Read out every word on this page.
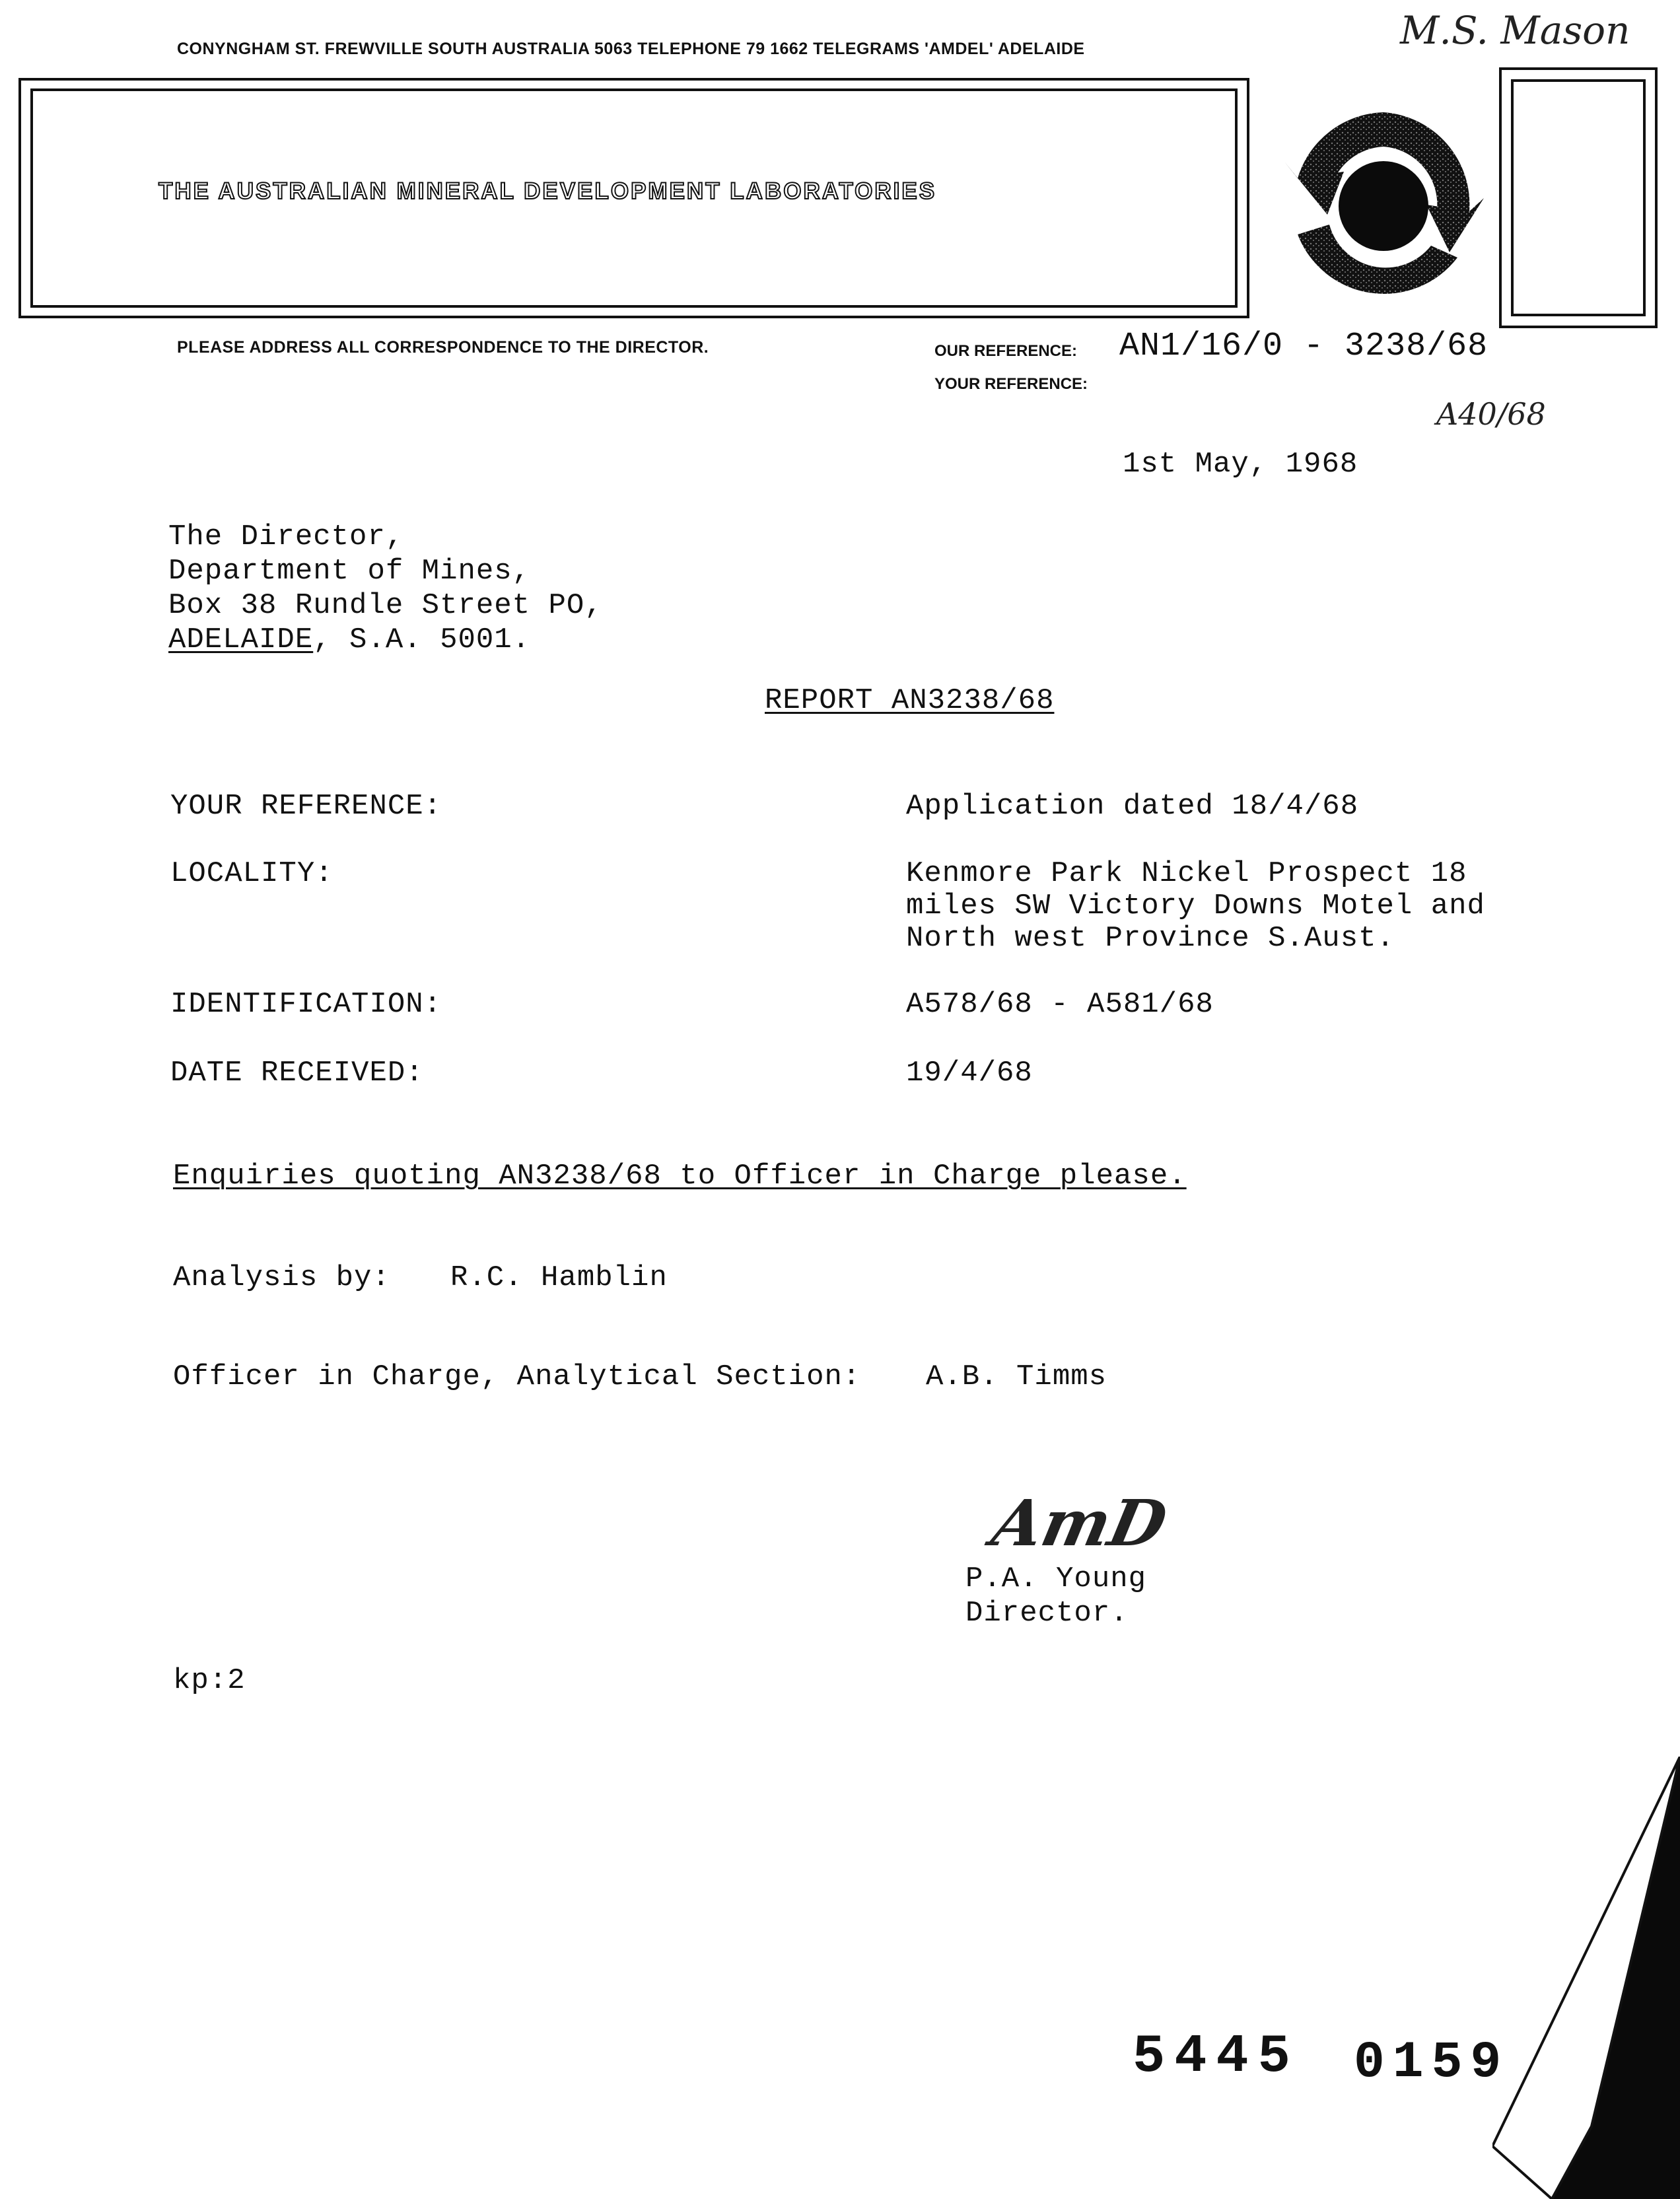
CONYNGHAM ST. FREWVILLE SOUTH AUSTRALIA 5063 TELEPHONE 79 1662 TELEGRAMS 'AMDEL' ADELAIDE
THE AUSTRALIAN MINERAL DEVELOPMENT LABORATORIES
PLEASE ADDRESS ALL CORRESPONDENCE TO THE DIRECTOR.	OUR REFERENCE: AN1/16/0 - 3238/68
YOUR REFERENCE:
M.S. Mason
A40/68
1st May, 1968
The Director,
Department of Mines,
Box 38 Rundle Street PO,
ADELAIDE, S.A. 5001.
REPORT AN3238/68
YOUR REFERENCE:	Application dated 18/4/68
LOCALITY:	Kenmore Park Nickel Prospect 18
miles SW Victory Downs Motel and
North west Province S.Aust.
IDENTIFICATION:	A578/68 - A581/68
DATE RECEIVED:	19/4/68
Enquiries quoting AN3238/68 to Officer in Charge please.
Analysis by: R.C. Hamblin
Officer in Charge, Analytical Section: A.B. Timms
AmD
P.A. Young
Director.
kp:2
5445 0159
